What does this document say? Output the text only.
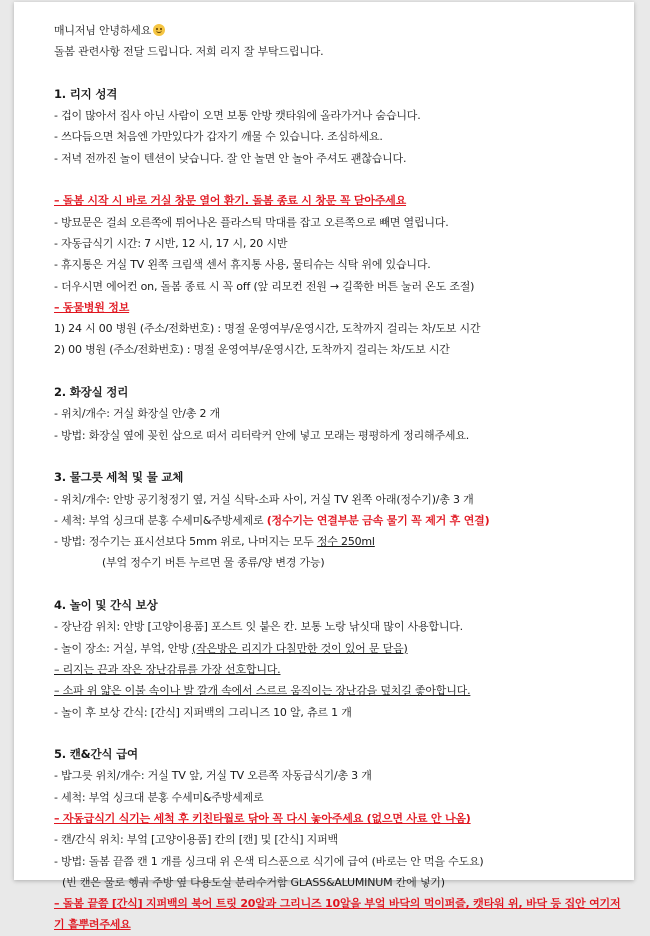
매니저님 안녕하세요
돌봄 관련사항 전달 드립니다. 저희 리지 잘 부탁드립니다.
1. 리지 성격
- 겁이 많아서 집사 아닌 사람이 오면 보통 안방 캣타워에 올라가거나 숨습니다.
- 쓰다듬으면 처음엔 가만있다가 갑자기 깨물 수 있습니다. 조심하세요.
- 저녁 전까진 놀이 텐션이 낮습니다. 잘 안 놀면 안 놀아 주셔도 괜찮습니다.
– 돌봄 시작 시 바로 거실 창문 열어 환기. 돌봄 종료 시 창문 꼭 닫아주세요
- 방묘문은 걸쇠 오른쪽에 튀어나온 플라스틱 막대를 잡고 오른쪽으로 빼면 열립니다.
- 자동급식기 시간: 7 시반, 12 시, 17 시, 20 시반
- 휴지통은 거실 TV 왼쪽 크림색 센서 휴지통 사용, 물티슈는 식탁 위에 있습니다.
- 더우시면 에어컨 on, 돌봄 종료 시 꼭 off (앞 리모컨 전원 → 길쭉한 버튼 눌러 온도 조절)
– 동물병원 정보
1) 24 시 00 병원 (주소/전화번호) : 명절 운영여부/운영시간, 도착까지 걸리는 차/도보 시간
2) 00 병원 (주소/전화번호) : 명절 운영여부/운영시간, 도착까지 걸리는 차/도보 시간
2. 화장실 정리
- 위치/개수: 거실 화장실 안/총 2 개
- 방법: 화장실 옆에 꽂힌 삽으로 떠서 리터락커 안에 넣고 모래는 평평하게 정리해주세요.
3. 물그릇 세척 및 물 교체
- 위치/개수: 안방 공기청정기 옆, 거실 식탁-소파 사이, 거실 TV 왼쪽 아래(정수기)/총 3 개
- 세척: 부엌 싱크대 분홍 수세미&주방세제로 (정수기는 연결부분 금속 물기 꼭 제거 후 연결)
- 방법: 정수기는 표시선보다 5mm 위로, 나머지는 모두 정수 250ml
(부엌 정수기 버튼 누르면 물 종류/양 변경 가능)
4. 놀이 및 간식 보상
- 장난감 위치: 안방 [고양이용품] 포스트 잇 붙은 칸. 보통 노랑 낚싯대 많이 사용합니다.
- 놀이 장소: 거실, 부엌, 안방 (작은방은 리지가 다칠만한 것이 있어 문 닫음)
– 리지는 끈과 작은 장난감류를 가장 선호합니다.
– 소파 위 얇은 이불 속이나 발 깔개 속에서 스르르 움직이는 장난감을 덮치길 좋아합니다.
- 놀이 후 보상 간식: [간식] 지퍼백의 그리니즈 10 알, 츄르 1 개
5. 캔&간식 급여
- 밥그릇 위치/개수: 거실 TV 앞, 거실 TV 오른쪽 자동급식기/총 3 개
- 세척: 부엌 싱크대 분홍 수세미&주방세제로
– 자동급식기 식기는 세척 후 키친타월로 닦아 꼭 다시 놓아주세요 (없으면 사료 안 나옴)
- 캔/간식 위치: 부엌 [고양이용품] 칸의 [캔] 및 [간식] 지퍼백
- 방법: 돌봄 끝쯤 캔 1 개를 싱크대 위 은색 티스푼으로 식기에 급여 (바로는 안 먹을 수도요)
(빈 캔은 물로 헹궈 주방 옆 다용도실 분리수거함 GLASS&ALUMINUM 칸에 넣기)
– 돌봄 끝쯤 [간식] 지퍼백의 북어 트릿 20알과 그리니즈 10알을 부엌 바닥의 먹이퍼즐, 캣타워 위, 바닥 등 집안 여기저기 흩뿌려주세요
